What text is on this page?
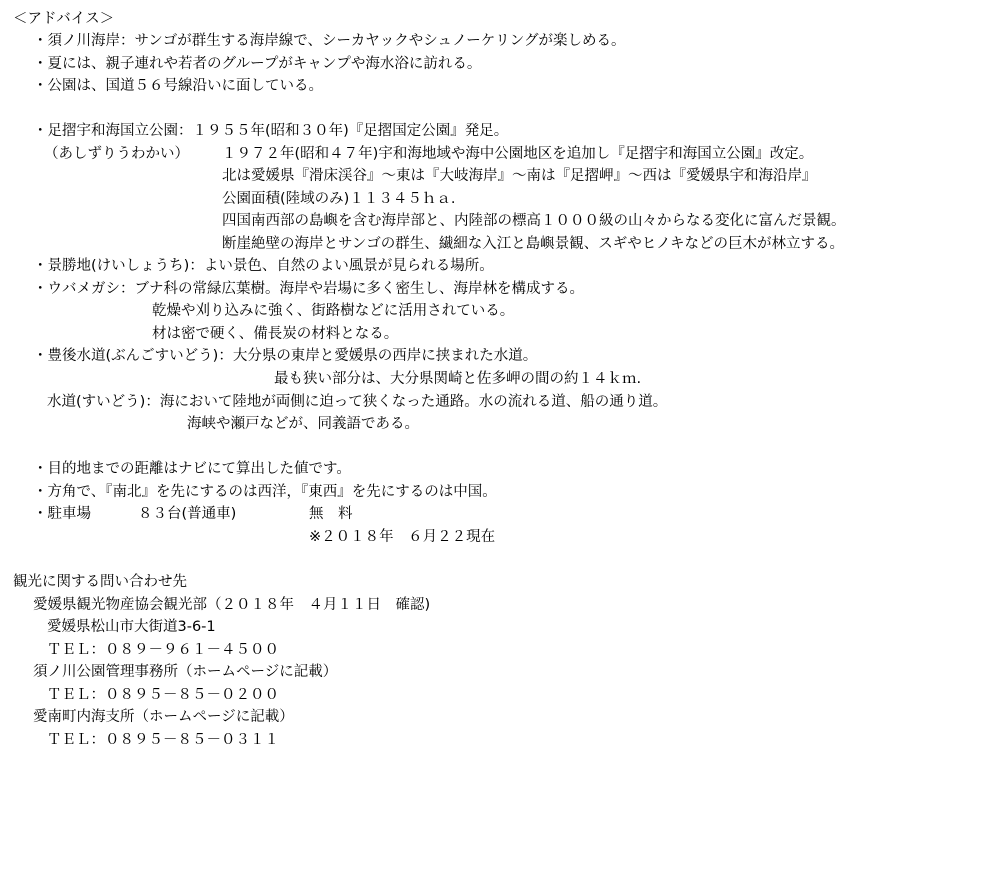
＜アドバイス＞
・須ノ川海岸：サンゴが群生する海岸線で、シーカヤックやシュノーケリングが楽しめる。
・夏には、親子連れや若者のグループがキャンプや海水浴に訪れる。
・公園は、国道５６号線沿いに面している。
・足摺宇和海国立公園：１９５５年(昭和３０年)『足摺国定公園』発足。
（あしずりうわかい） １９７２年(昭和４７年)宇和海地域や海中公園地区を追加し『足摺宇和海国立公園』改定。
北は愛媛県『滑床渓谷』～東は『大岐海岸』～南は『足摺岬』～西は『愛媛県宇和海沿岸』
公園面積(陸域のみ)１１３４５ｈａ.
四国南西部の島嶼を含む海岸部と、内陸部の標高１０００級の山々からなる変化に富んだ景観。
断崖絶壁の海岸とサンゴの群生、繊細な入江と島嶼景観、スギやヒノキなどの巨木が林立する。
・景勝地(けいしょうち)：よい景色、自然のよい風景が見られる場所。
・ウバメガシ：ブナ科の常緑広葉樹。海岸や岩場に多く密生し、海岸林を構成する。
乾燥や刈り込みに強く、街路樹などに活用されている。
材は密で硬く、備長炭の材料となる。
・豊後水道(ぶんごすいどう)：大分県の東岸と愛媛県の西岸に挟まれた水道。
最も狭い部分は、大分県関崎と佐多岬の間の約１４ｋｍ.
水道(すいどう)：海において陸地が両側に迫って狭くなった通路。水の流れる道、船の通り道。
海峡や瀬戸などが、同義語である。
・目的地までの距離はナビにて算出した値です。
・方角で、『南北』を先にするのは西洋，『東西』を先にするのは中国。
・駐車場	８３台(普通車)	無　料
※２０１８年　６月２２現在
観光に関する問い合わせ先
愛媛県観光物産協会観光部（２０１８年　４月１１日　確認)
愛媛県松山市大街道3-6-1
ＴＥＬ：０８９－９６１－４５００
須ノ川公園管理事務所（ホームページに記載）
ＴＥＬ：０８９５－８５－０２００
愛南町内海支所（ホームページに記載）
ＴＥＬ：０８９５－８５－０３１１
